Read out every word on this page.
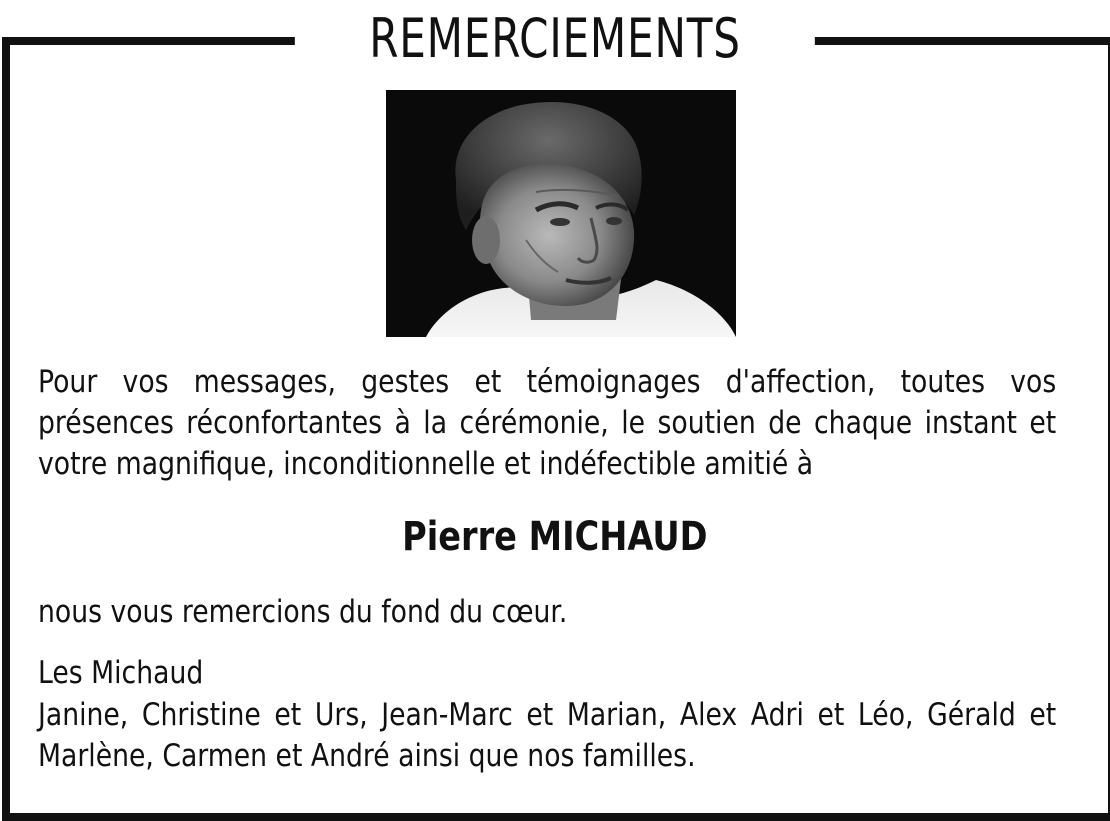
REMERCIEMENTS
Pour vos messages, gestes et témoignages d'affection, toutes vos présences réconfortantes à la cérémonie, le soutien de chaque instant et votre magnifique, inconditionnelle et indéfectible amitié à
Pierre MICHAUD
nous vous remercions du fond du cœur.
Les Michaud
Janine, Christine et Urs, Jean-Marc et Marian, Alex Adri et Léo, Gérald et Marlène, Carmen et André ainsi que nos familles.
